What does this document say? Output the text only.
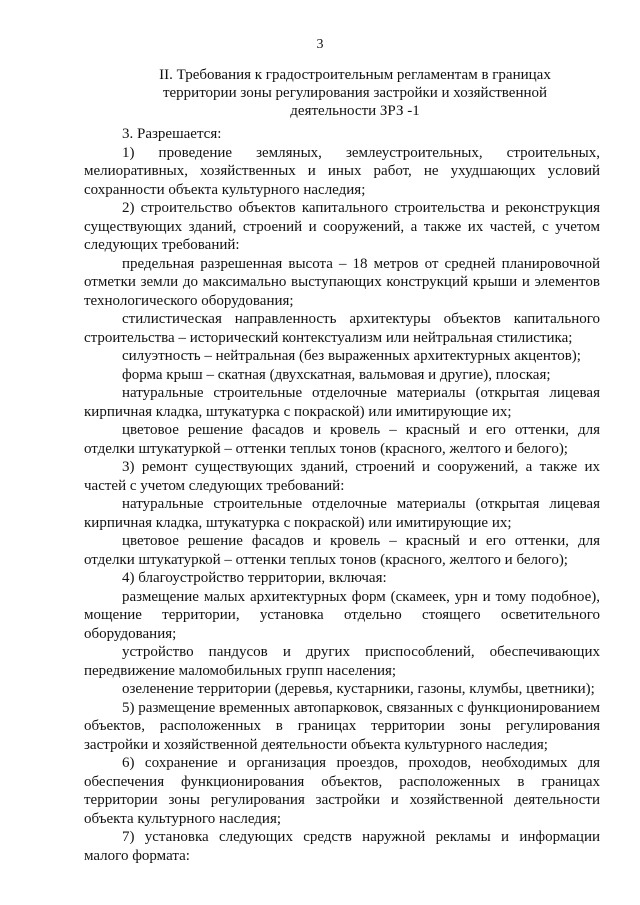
3
II. Требования к градостроительным регламентам в границах территории зоны регулирования застройки и хозяйственной деятельности ЗРЗ -1

3. Разрешается:

1) проведение земляных, землеустроительных, строительных, мелиоративных, хозяйственных и иных работ, не ухудшающих условий сохранности объекта культурного наследия;

2) строительство объектов капитального строительства и реконструкция существующих зданий, строений и сооружений, а также их частей, с учетом следующих требований:

предельная разрешенная высота – 18 метров от средней планировочной отметки земли до максимально выступающих конструкций крыши и элементов технологического оборудования;

стилистическая направленность архитектуры объектов капитального строительства – исторический контекстуализм или нейтральная стилистика;

силуэтность – нейтральная (без выраженных архитектурных акцентов);

форма крыш – скатная (двухскатная, вальмовая и другие), плоская;

натуральные строительные отделочные материалы (открытая лицевая кирпичная кладка, штукатурка с покраской) или имитирующие их;

цветовое решение фасадов и кровель – красный и его оттенки, для отделки штукатуркой – оттенки теплых тонов (красного, желтого и белого);

3) ремонт существующих зданий, строений и сооружений, а также их частей с учетом следующих требований:

натуральные строительные отделочные материалы (открытая лицевая кирпичная кладка, штукатурка с покраской) или имитирующие их;

цветовое решение фасадов и кровель – красный и его оттенки, для отделки штукатуркой – оттенки теплых тонов (красного, желтого и белого);

4) благоустройство территории, включая:

размещение малых архитектурных форм (скамеек, урн и тому подобное), мощение территории, установка отдельно стоящего осветительного оборудования;

устройство пандусов и других приспособлений, обеспечивающих передвижение маломобильных групп населения;

озеленение территории (деревья, кустарники, газоны, клумбы, цветники);

5) размещение временных автопарковок, связанных с функционированием объектов, расположенных в границах территории зоны регулирования застройки и хозяйственной деятельности объекта культурного наследия;

6) сохранение и организация проездов, проходов, необходимых для обеспечения функционирования объектов, расположенных в границах территории зоны регулирования застройки и хозяйственной деятельности объекта культурного наследия;

7) установка следующих средств наружной рекламы и информации малого формата:
